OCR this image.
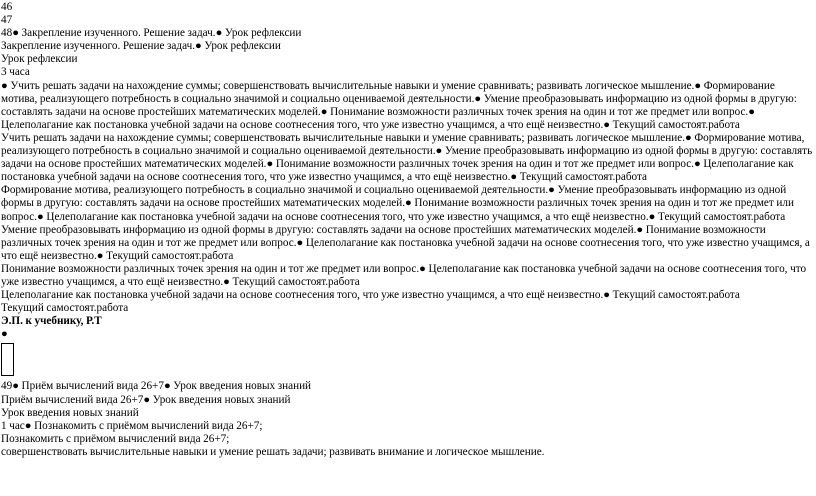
46

47

48● Закрепление изученного. Решение задач.● Урок рефлексии

Закрепление изученного. Решение задач.● Урок рефлексии

Урок рефлексии

3 часа

● Учить решать задачи на нахождение суммы; совершенствовать вычислительные навыки и умение сравнивать; развивать логическое мышление.● Формирование мотива, реализующего потребность в социально значимой и социально оцениваемой деятельности.● Умение преобразовывать информацию из одной формы в другую: составлять задачи на основе простейших математических моделей.● Понимание возможности различных точек зрения на один и тот же предмет или вопрос.● Целеполагание как постановка учебной задачи на основе соотнесения того, что уже известно учащимся, а что ещё неизвестно.● Текущий самостоят.работа

Учить решать задачи на нахождение суммы; совершенствовать вычислительные навыки и умение сравнивать; развивать логическое мышление.● Формирование мотива, реализующего потребность в социально значимой и социально оцениваемой деятельности.● Умение преобразовывать информацию из одной формы в другую: составлять задачи на основе простейших математических моделей.● Понимание возможности различных точек зрения на один и тот же предмет или вопрос.● Целеполагание как постановка учебной задачи на основе соотнесения того, что уже известно учащимся, а что ещё неизвестно.● Текущий самостоят.работа

Формирование мотива, реализующего потребность в социально значимой и социально оцениваемой деятельности.● Умение преобразовывать информацию из одной формы в другую: составлять задачи на основе простейших математических моделей.● Понимание возможности различных точек зрения на один и тот же предмет или вопрос.● Целеполагание как постановка учебной задачи на основе соотнесения того, что уже известно учащимся, а что ещё неизвестно.● Текущий самостоят.работа

Умение преобразовывать информацию из одной формы в другую: составлять задачи на основе простейших математических моделей.● Понимание возможности различных точек зрения на один и тот же предмет или вопрос.● Целеполагание как постановка учебной задачи на основе соотнесения того, что уже известно учащимся, а что ещё неизвестно.● Текущий самостоят.работа

Понимание возможности различных точек зрения на один и тот же предмет или вопрос.● Целеполагание как постановка учебной задачи на основе соотнесения того, что уже известно учащимся, а что ещё неизвестно.● Текущий самостоят.работа

Целеполагание как постановка учебной задачи на основе соотнесения того, что уже известно учащимся, а что ещё неизвестно.● Текущий самостоят.работа

Текущий самостоят.работа

Э.П. к учебнику, Р.Т

●

49● Приём вычислений вида 26+7● Урок введения новых знаний

Приём вычислений вида 26+7● Урок введения новых знаний

Урок введения новых знаний

1 час● Познакомить с приёмом вычислений вида 26+7;

Познакомить с приёмом вычислений вида 26+7;

совершенствовать вычислительные навыки и умение решать задачи; развивать внимание и логическое мышление.
